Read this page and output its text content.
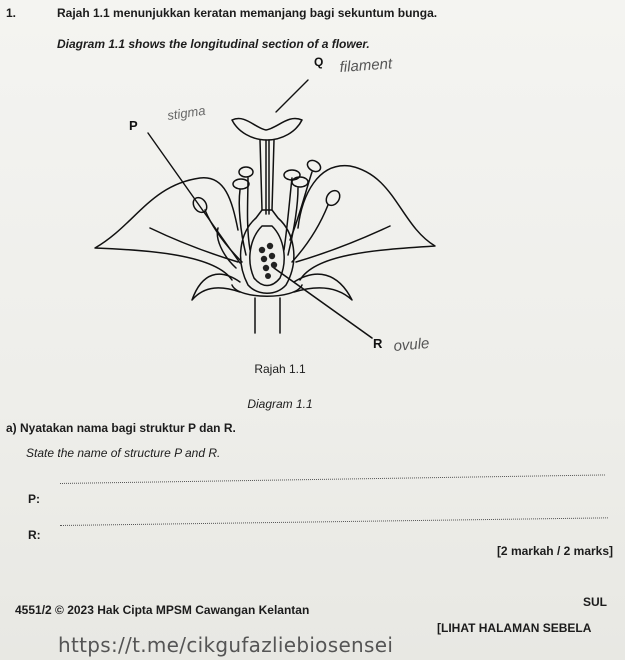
1.	Rajah 1.1 menunjukkan keratan memanjang bagi sekuntum bunga.
Diagram 1.1 shows the longitudinal section of a flower.
Q
P
R
filament
stigma
ovule
Rajah 1.1
Diagram 1.1
a) Nyatakan nama bagi struktur P dan R.
State the name of structure P and R.
P:
R:
[2 markah / 2 marks]
4551/2 © 2023 Hak Cipta MPSM Cawangan Kelantan
SUL
[LIHAT HALAMAN SEBELA
https://t.me/cikgufazliebiosensei
